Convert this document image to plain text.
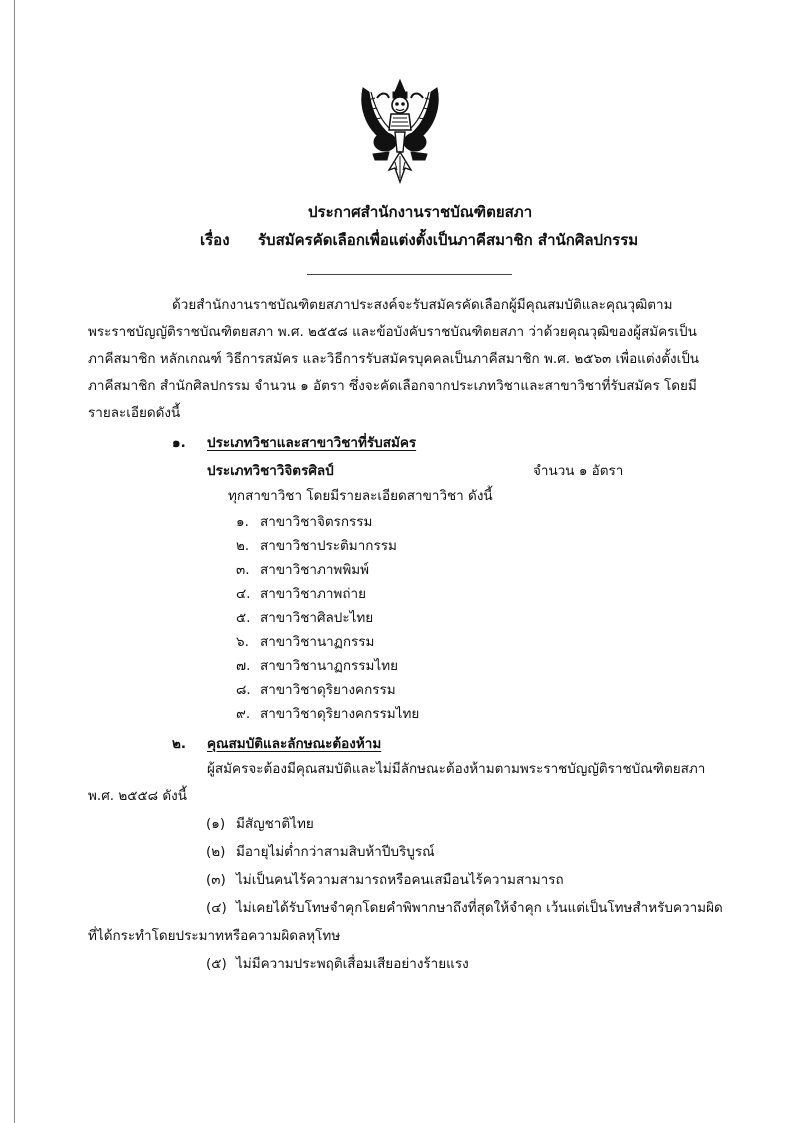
ประกาศสำนักงานราชบัณฑิตยสภา
เรื่อง รับสมัครคัดเลือกเพื่อแต่งตั้งเป็นภาคีสมาชิก สำนักศิลปกรรม
ด้วยสำนักงานราชบัณฑิตยสภาประสงค์จะรับสมัครคัดเลือกผู้มีคุณสมบัติและคุณวุฒิตาม
พระราชบัญญัติราชบัณฑิตยสภา พ.ศ. ๒๕๕๘ และข้อบังคับราชบัณฑิตยสภา ว่าด้วยคุณวุฒิของผู้สมัครเป็น
ภาคีสมาชิก หลักเกณฑ์ วิธีการสมัคร และวิธีการรับสมัครบุคคลเป็นภาคีสมาชิก พ.ศ. ๒๕๖๓ เพื่อแต่งตั้งเป็น
ภาคีสมาชิก สำนักศิลปกรรม จำนวน ๑ อัตรา ซึ่งจะคัดเลือกจากประเภทวิชาและสาขาวิชาที่รับสมัคร โดยมี
รายละเอียดดังนี้
๑. ประเภทวิชาและสาขาวิชาที่รับสมัคร
ประเภทวิชาวิจิตรศิลป์	จำนวน ๑ อัตรา
ทุกสาขาวิชา โดยมีรายละเอียดสาขาวิชา ดังนี้
๑. สาขาวิชาจิตรกรรม
๒. สาขาวิชาประติมากรรม
๓. สาขาวิชาภาพพิมพ์
๔. สาขาวิชาภาพถ่าย
๕. สาขาวิชาศิลปะไทย
๖. สาขาวิชานาฏกรรม
๗. สาขาวิชานาฏกรรมไทย
๘. สาขาวิชาดุริยางคกรรม
๙. สาขาวิชาดุริยางคกรรมไทย
๒. คุณสมบัติและลักษณะต้องห้าม
ผู้สมัครจะต้องมีคุณสมบัติและไม่มีลักษณะต้องห้ามตามพระราชบัญญัติราชบัณฑิตยสภา
พ.ศ. ๒๕๕๘ ดังนี้
(๑) มีสัญชาติไทย
(๒) มีอายุไม่ต่ำกว่าสามสิบห้าปีบริบูรณ์
(๓) ไม่เป็นคนไร้ความสามารถหรือคนเสมือนไร้ความสามารถ
(๔) ไม่เคยได้รับโทษจำคุกโดยคำพิพากษาถึงที่สุดให้จำคุก เว้นแต่เป็นโทษสำหรับความผิด
ที่ได้กระทำโดยประมาทหรือความผิดลหุโทษ
(๕) ไม่มีความประพฤติเสื่อมเสียอย่างร้ายแรง
